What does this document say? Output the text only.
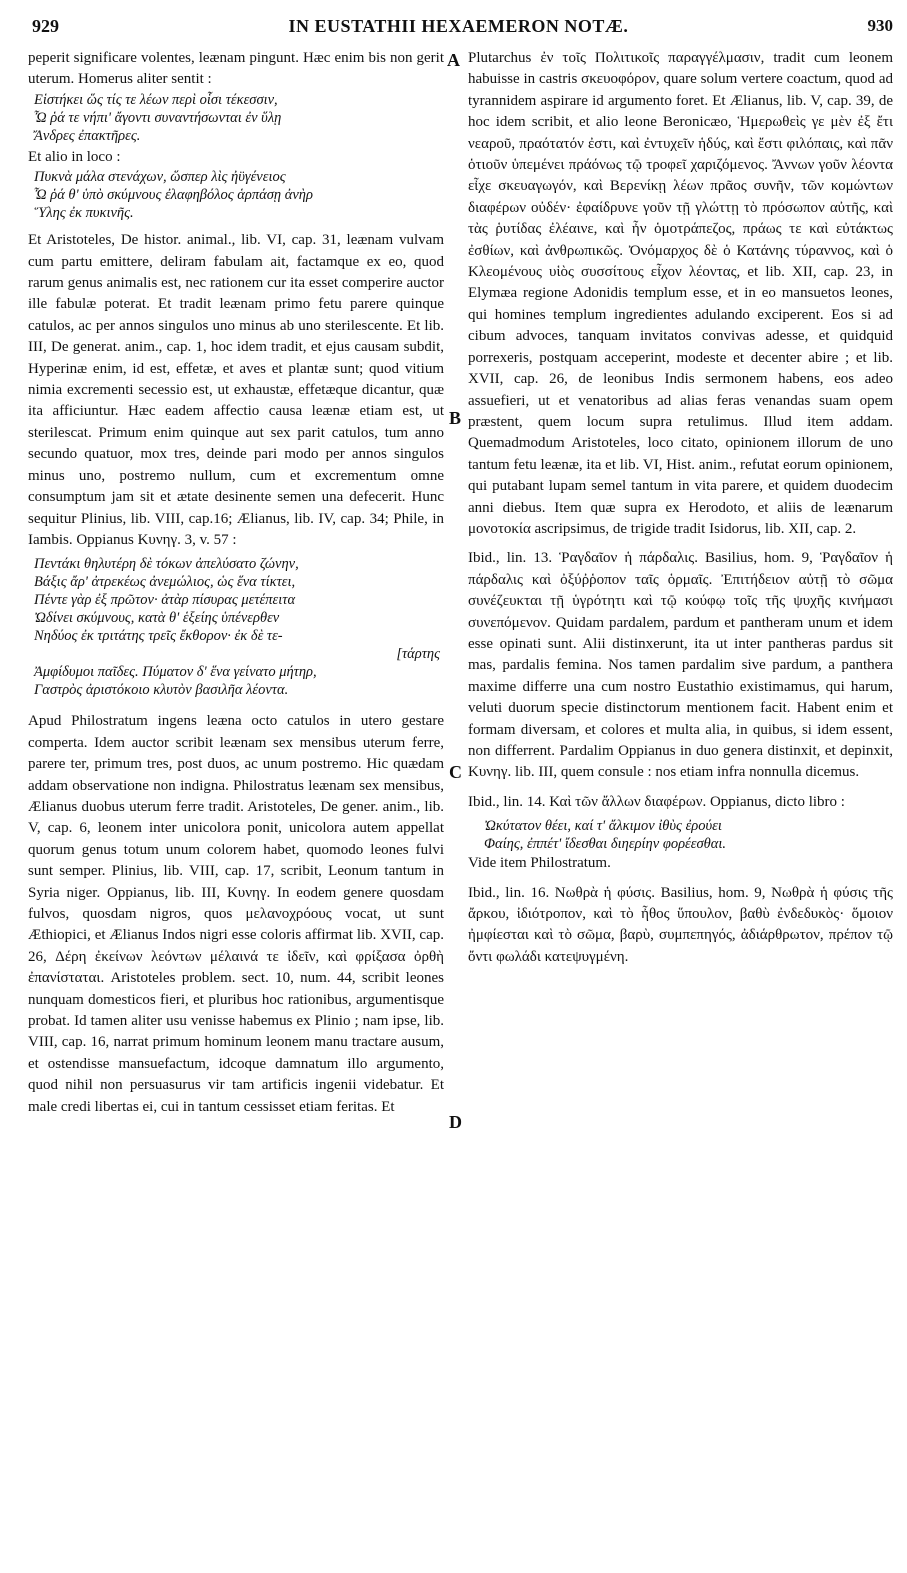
929	IN EUSTATHII HEXAEMERON NOTÆ.	930
A
B
C
D

peperit significare volentes, leænam pingunt. Hæc enim bis non gerit uterum. Homerus aliter sentit :

Εἱστήκει ὥς τίς τε λέων περὶ οἷσι τέκεσσιν,
Ὦ ῥά τε νήπι' ἄγοντι συναντήσωνται ἐν ὕλῃ
Ἄνδρες ἐπακτῆρες.

Et alio in loco :

Πυκνὰ μάλα στενάχων, ὥσπερ λὶς ἠϋγένειος
Ὦ ῥά θ' ὑπὸ σκύμνους ἐλαφηβόλος ἁρπάσῃ ἀνὴρ
Ὕλης ἐκ πυκινῆς.

Et Aristoteles, De histor. animal., lib. VI, cap. 31, leænam vulvam cum partu emittere, deliram fabulam ait, factamque ex eo, quod rarum genus animalis est, nec rationem cur ita esset comperire auctor ille fabulæ poterat. Et tradit leænam primo fetu parere quinque catulos, ac per annos singulos uno minus ab uno sterilescente. Et lib. III, De generat. anim., cap. 1, hoc idem tradit, et ejus causam subdit, Hyperinæ enim, id est, effetæ, et aves et plantæ sunt; quod vitium nimia excrementi secessio est, ut exhaustæ, effetæque dicantur, quæ ita afficiuntur. Hæc eadem affectio causa leænæ etiam est, ut sterilescat. Primum enim quinque aut sex parit catulos, tum anno secundo quatuor, mox tres, deinde pari modo per annos singulos minus uno, postremo nullum, cum et excrementum omne consumptum jam sit et ætate desinente semen una defecerit. Hunc sequitur Plinius, lib. VIII, cap.16; Ælianus, lib. IV, cap. 34; Phile, in Iambis. Oppianus Κυνηγ. 3, v. 57 :

Πεντάκι θηλυτέρη δὲ τόκων ἀπελύσατο ζώνην,
Βάξις ἄρ' ἀτρεκέως ἀνεμώλιος, ὡς ἕνα τίκτει,
Πέντε γὰρ ἐξ πρῶτον· ἀτὰρ πίσυρας μετέπειτα
Ὠδίνει σκύμνους, κατὰ θ' ἑξείης ὑπένερθεν
Νηδύος ἐκ τριτάτης τρεῖς ἔκθορον· ἐκ δὲ τε-
[τάρτης
Ἀμφίδυμοι παῖδες. Πύματον δ' ἕνα γείνατο μήτηρ,
Γαστρὸς ἀριστόκοιο κλυτὸν βασιλῆα λέοντα.

Apud Philostratum ingens leæna octo catulos in utero gestare comperta. Idem auctor scribit leænam sex mensibus uterum ferre, parere ter, primum tres, post duos, ac unum postremo. Hic quædam addam observatione non indigna. Philostratus leænam sex mensibus, Ælianus duobus uterum ferre tradit. Aristoteles, De gener. anim., lib. V, cap. 6, leonem inter unicolora ponit, unicolora autem appellat quorum genus totum unum colorem habet, quomodo leones fulvi sunt semper. Plinius, lib. VIII, cap. 17, scribit, Leonum tantum in Syria niger. Oppianus, lib. III, Κυνηγ. In eodem genere quosdam fulvos, quosdam nigros, quos μελανοχρόους vocat, ut sunt Æthiopici, et Ælianus Indos nigri esse coloris affirmat lib. XVII, cap. 26, Δέρη ἐκείνων λεόντων μέλαινά τε ἰδεῖν, καὶ φρίξασα ὀρθὴ ἐπανίσταται. Aristoteles problem. sect. 10, num. 44, scribit leones nunquam domesticos fieri, et pluribus hoc rationibus, argumentisque probat. Id tamen aliter usu venisse habemus ex Plinio ; nam ipse, lib. VIII, cap. 16, narrat primum hominum leonem manu tractare ausum, et ostendisse mansuefactum, idcoque damnatum illo argumento, quod nihil non persuasurus vir tam artificis ingenii videbatur. Et male credi libertas ei, cui in tantum cessisset etiam feritas. Et

Plutarchus ἐν τοῖς Πολιτικοῖς παραγγέλμασιν, tradit cum leonem habuisse in castris σκευοφόρον, quare solum vertere coactum, quod ad tyrannidem aspirare id argumento foret. Et Ælianus, lib. V, cap. 39, de hoc idem scribit, et alio leone Beronicæo, Ἡμερωθεὶς γε μὲν ἐξ ἔτι νεαροῦ, πραότατόν ἐστι, καὶ ἐντυχεῖν ἡδύς, καὶ ἔστι φιλόπαις, καὶ πᾶν ὁτιοῦν ὑπεμένει πράόνως τῷ τροφεῖ χαριζόμενος. Ἄννων γοῦν λέοντα εἶχε σκευαγωγόν, καὶ Βερενίκῃ λέων πρᾶος συνῆν, τῶν κομώντων διαφέρων οὐδέν· ἐφαίδρυνε γοῦν τῇ γλώττῃ τὸ πρόσωπον αὐτῆς, καὶ τὰς ῥυτίδας ἐλέαινε, καὶ ἦν ὁμοτράπεζος, πράως τε καὶ εὐτάκτως ἐσθίων, καὶ ἀνθρωπικῶς. Ὀνόμαρχος δὲ ὁ Κατάνης τύραννος, καὶ ὁ Κλεομένους υἱὸς συσσίτους εἶχον λέοντας, et lib. XII, cap. 23, in Elymæa regione Adonidis templum esse, et in eo mansuetos leones, qui homines templum ingredientes adulando exciperent. Eos si ad cibum advoces, tanquam invitatos convivas adesse, et quidquid porrexeris, postquam acceperint, modeste et decenter abire ; et lib. XVII, cap. 26, de leonibus Indis sermonem habens, eos adeo assuefieri, ut et venatoribus ad alias feras venandas suam opem præstent, quem locum supra retulimus. Illud item addam. Quemadmodum Aristoteles, loco citato, opinionem illorum de uno tantum fetu leænæ, ita et lib. VI, Hist. anim., refutat eorum opinionem, qui putabant lupam semel tantum in vita parere, et quidem duodecim anni diebus. Item quæ supra ex Herodoto, et aliis de leænarum μονοτοκία ascripsimus, de trigide tradit Isidorus, lib. XII, cap. 2.

Ibid., lin. 13. Ῥαγδαῖον ἡ πάρδαλις. Basilius, hom. 9, Ῥαγδαῖον ἡ πάρδαλις καὶ ὀξύῤῥοπον ταῖς ὁρμαῖς. Ἐπιτήδειον αὐτῇ τὸ σῶμα συνέζευκται τῇ ὑγρότητι καὶ τῷ κούφῳ τοῖς τῆς ψυχῆς κινήμασι συνεπόμενον. Quidam pardalem, pardum et pantheram unum et idem esse opinati sunt. Alii distinxerunt, ita ut inter pantheras pardus sit mas, pardalis femina. Nos tamen pardalim sive pardum, a panthera maxime differre una cum nostro Eustathio existimamus, qui harum, veluti duorum specie distinctorum mentionem facit. Habent enim et formam diversam, et colores et multa alia, in quibus, si idem essent, non differrent. Pardalim Oppianus in duo genera distinxit, et depinxit, Κυνηγ. lib. III, quem consule : nos etiam infra nonnulla dicemus.

Ibid., lin. 14. Καὶ τῶν ἄλλων διαφέρων. Oppianus, dicto libro :

Ὠκύτατον θέει, καί τ' ἄλκιμον ἰθὺς ἐρούει
Φαίης, ἐππέτ' ἴδεσθαι διηερίην φορέεσθαι.

Vide item Philostratum.

Ibid., lin. 16. Νωθρὰ ἡ φύσις. Basilius, hom. 9, Νωθρὰ ἡ φύσις τῆς ἄρκου, ἰδιότροπον, καὶ τὸ ἦθος ὕπουλον, βαθὺ ἐνδεδυκὸς· ὅμοιον ἠμφίεσται καὶ τὸ σῶμα, βαρὺ, συμπεπηγός, ἀδιάρθρωτον, πρέπον τῷ ὄντι φωλάδι κατεψυγμένη.
